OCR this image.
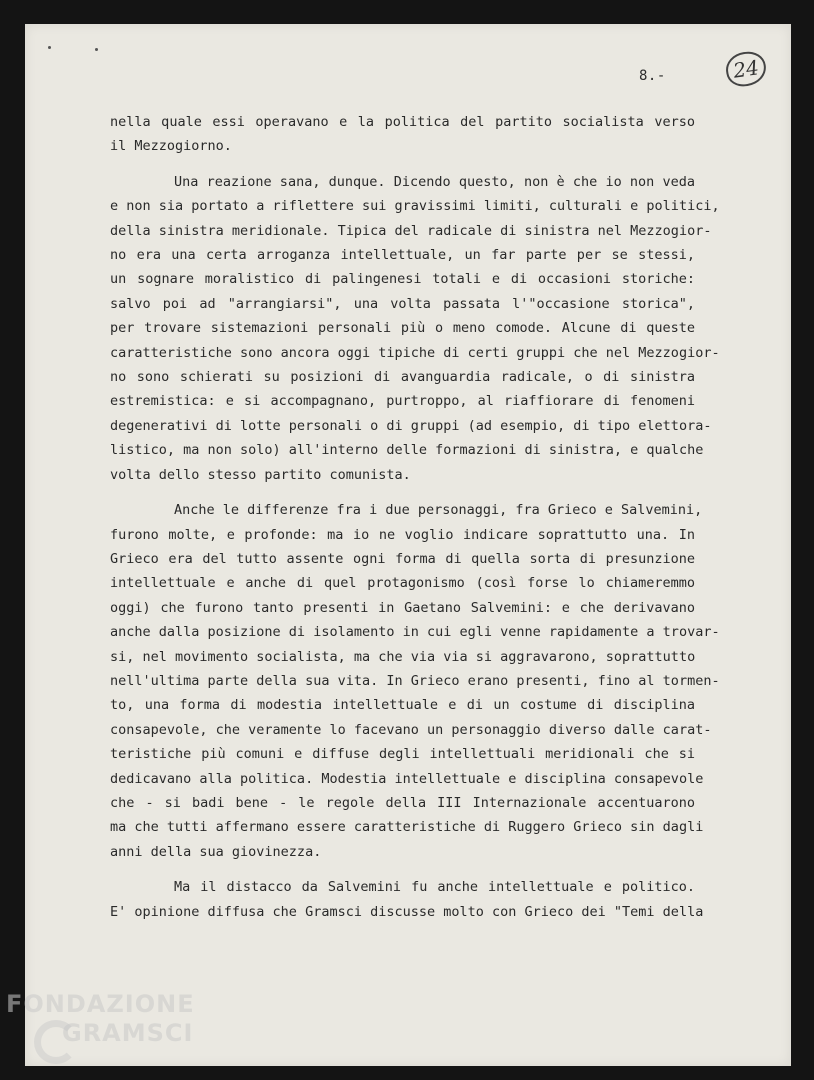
8.-	24
nella quale essi operavano e la politica del partito socialista verso
il Mezzogiorno.
Una reazione sana, dunque. Dicendo questo, non è che io non veda
e non sia portato a riflettere sui gravissimi limiti, culturali e politici,
della sinistra meridionale. Tipica del radicale di sinistra nel Mezzogior-
no era una certa arroganza intellettuale, un far parte per se stessi,
un sognare moralistico di palingenesi totali e di occasioni storiche:
salvo poi ad "arrangiarsi", una volta passata l'"occasione storica",
per trovare sistemazioni personali più o meno comode. Alcune di queste
caratteristiche sono ancora oggi tipiche di certi gruppi che nel Mezzogior-
no sono schierati su posizioni di avanguardia radicale, o di sinistra
estremistica: e si accompagnano, purtroppo, al riaffiorare di fenomeni
degenerativi di lotte personali o di gruppi (ad esempio, di tipo elettora-
listico, ma non solo) all'interno delle formazioni di sinistra, e qualche
volta dello stesso partito comunista.
Anche le differenze fra i due personaggi, fra Grieco e Salvemini,
furono molte, e profonde: ma io ne voglio indicare soprattutto una. In
Grieco era del tutto assente ogni forma di quella sorta di presunzione
intellettuale e anche di quel protagonismo (così forse lo chiameremmo
oggi) che furono tanto presenti in Gaetano Salvemini: e che derivavano
anche dalla posizione di isolamento in cui egli venne rapidamente a trovar-
si, nel movimento socialista, ma che via via si aggravarono, soprattutto
nell'ultima parte della sua vita. In Grieco erano presenti, fino al tormen-
to, una forma di modestia intellettuale e di un costume di disciplina
consapevole, che veramente lo facevano un personaggio diverso dalle carat-
teristiche più comuni e diffuse degli intellettuali meridionali che si
dedicavano alla politica. Modestia intellettuale e disciplina consapevole
che - si badi bene - le regole della III Internazionale accentuarono
ma che tutti affermano essere caratteristiche di Ruggero Grieco sin dagli
anni della sua giovinezza.
Ma il distacco da Salvemini fu anche intellettuale e politico.
E' opinione diffusa che Gramsci discusse molto con Grieco dei "Temi della
FONDAZIONE
GRAMSCI
